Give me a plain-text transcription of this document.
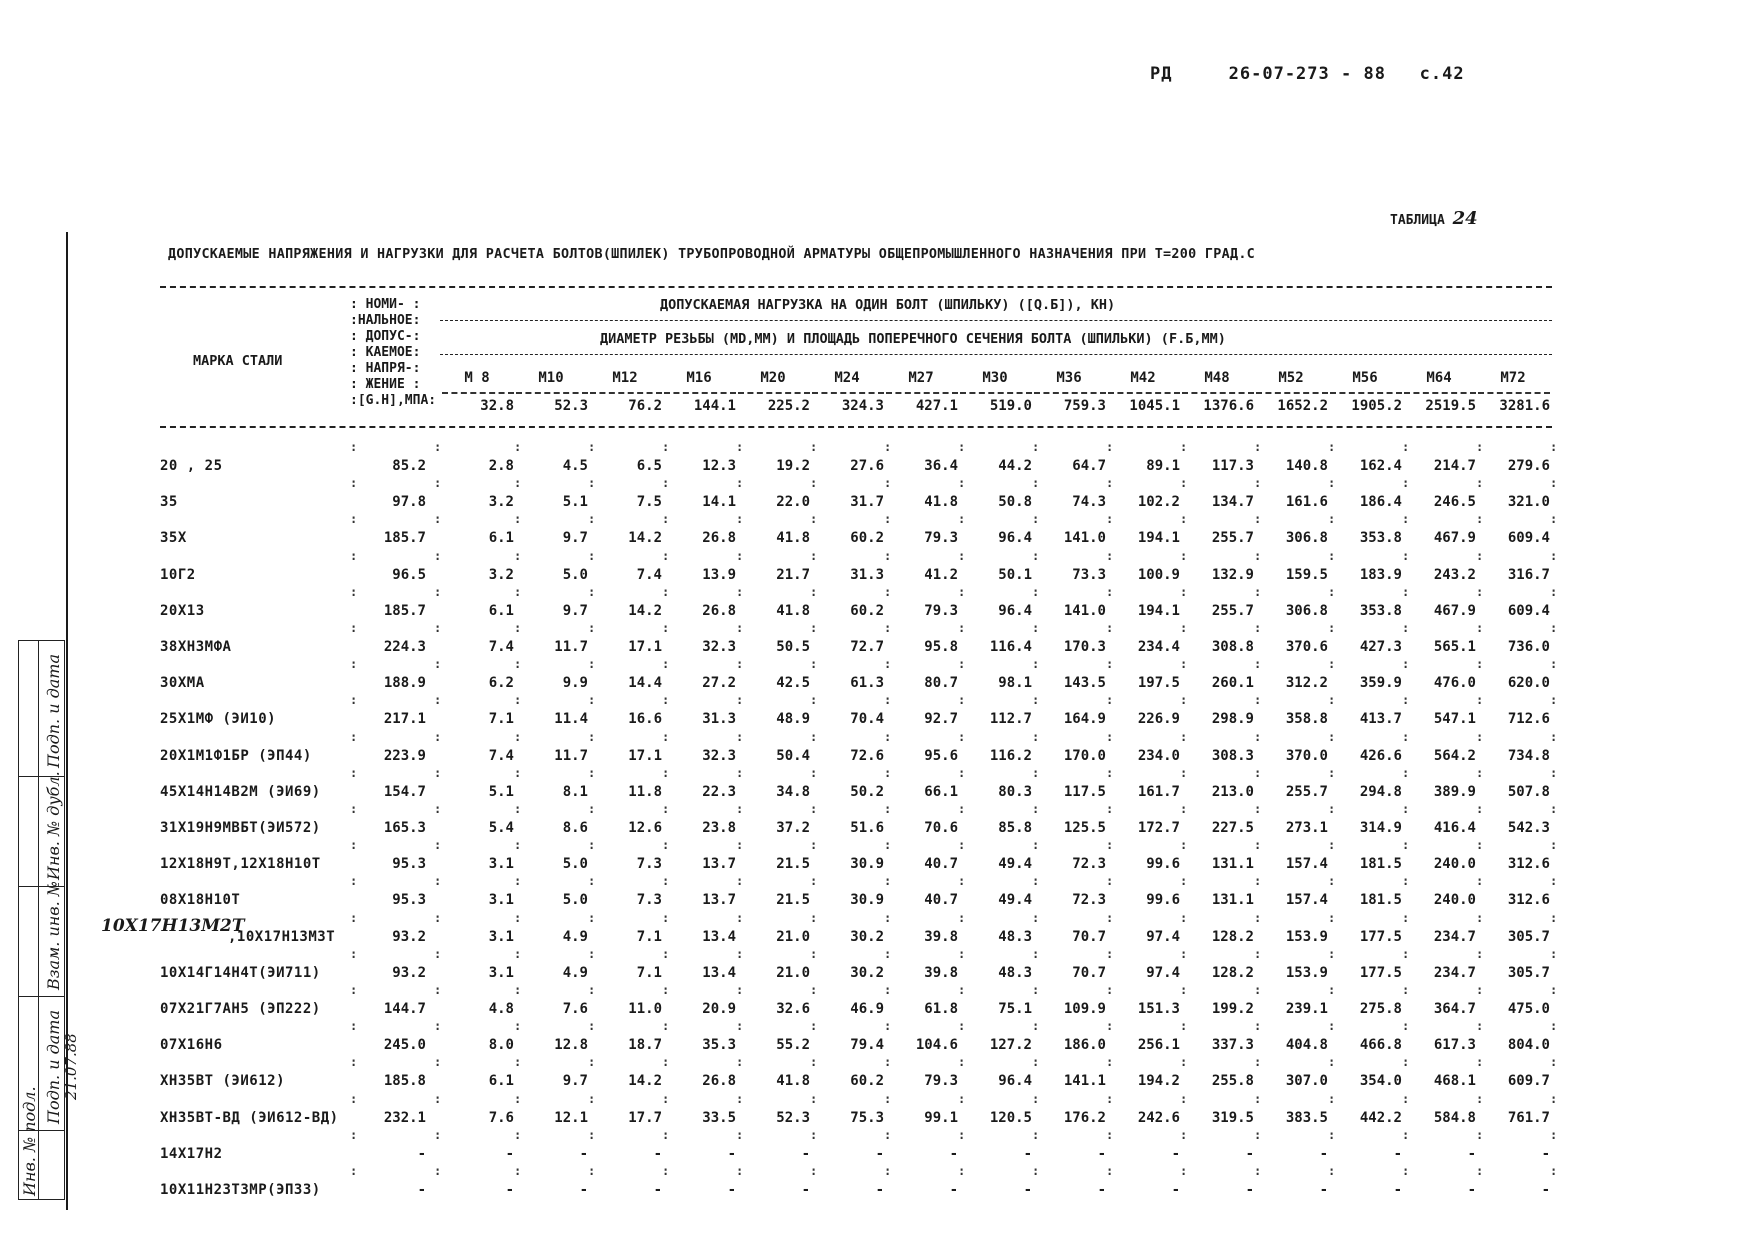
РД     26-07-273 - 88   с.42
ТАБЛИЦА 24
ДОПУСКАЕМЫЕ НАПРЯЖЕНИЯ И НАГРУЗКИ ДЛЯ РАСЧЕТА БОЛТОВ(ШПИЛЕК) ТРУБОПРОВОДНОЙ АРМАТУРЫ ОБЩЕПРОМЫШЛЕННОГО НАЗНАЧЕНИЯ ПРИ Т=200 ГРАД.С
МАРКА СТАЛИ
: НОМИ- :
:НАЛЬНОЕ:
: ДОПУС-:
: КАЕМОЕ:
: НАПРЯ-:
: ЖЕНИЕ :
:[G.H],МПА:
ДОПУСКАЕМАЯ НАГРУЗКА НА ОДИН БОЛТ (ШПИЛЬКУ) ([Q.Б]), КН)
ДИАМЕТР РЕЗЬБЫ (МD,ММ) И ПЛОЩАДЬ ПОПЕРЕЧНОГО СЕЧЕНИЯ БОЛТА (ШПИЛЬКИ) (F.Б,ММ)
М 8	М10	М12	М16	М20	М24	М27	М30	М36	М42	М48	М52	М56	М64	М72
32.8	52.3	76.2	144.1	225.2	324.3	427.1	519.0	759.3	1045.1	1376.6	1652.2	1905.2	2519.5	3281.6
:	:	:	:	:	:	:	:	:	:	:	:	:	:	:	:	:
20 , 25	85.2	2.8	4.5	6.5	12.3	19.2	27.6	36.4	44.2	64.7	89.1	117.3	140.8	162.4	214.7	279.6
:	:	:	:	:	:	:	:	:	:	:	:	:	:	:	:	:
35	97.8	3.2	5.1	7.5	14.1	22.0	31.7	41.8	50.8	74.3	102.2	134.7	161.6	186.4	246.5	321.0
:	:	:	:	:	:	:	:	:	:	:	:	:	:	:	:	:
35Х	185.7	6.1	9.7	14.2	26.8	41.8	60.2	79.3	96.4	141.0	194.1	255.7	306.8	353.8	467.9	609.4
:	:	:	:	:	:	:	:	:	:	:	:	:	:	:	:	:
10Г2	96.5	3.2	5.0	7.4	13.9	21.7	31.3	41.2	50.1	73.3	100.9	132.9	159.5	183.9	243.2	316.7
:	:	:	:	:	:	:	:	:	:	:	:	:	:	:	:	:
20Х13	185.7	6.1	9.7	14.2	26.8	41.8	60.2	79.3	96.4	141.0	194.1	255.7	306.8	353.8	467.9	609.4
:	:	:	:	:	:	:	:	:	:	:	:	:	:	:	:	:
38ХН3МФА	224.3	7.4	11.7	17.1	32.3	50.5	72.7	95.8	116.4	170.3	234.4	308.8	370.6	427.3	565.1	736.0
:	:	:	:	:	:	:	:	:	:	:	:	:	:	:	:	:
30ХМА	188.9	6.2	9.9	14.4	27.2	42.5	61.3	80.7	98.1	143.5	197.5	260.1	312.2	359.9	476.0	620.0
:	:	:	:	:	:	:	:	:	:	:	:	:	:	:	:	:
25Х1МФ (ЭИ10)	217.1	7.1	11.4	16.6	31.3	48.9	70.4	92.7	112.7	164.9	226.9	298.9	358.8	413.7	547.1	712.6
:	:	:	:	:	:	:	:	:	:	:	:	:	:	:	:	:
20Х1М1Ф1БР (ЭП44)	223.9	7.4	11.7	17.1	32.3	50.4	72.6	95.6	116.2	170.0	234.0	308.3	370.0	426.6	564.2	734.8
:	:	:	:	:	:	:	:	:	:	:	:	:	:	:	:	:
45Х14Н14В2М (ЭИ69)	154.7	5.1	8.1	11.8	22.3	34.8	50.2	66.1	80.3	117.5	161.7	213.0	255.7	294.8	389.9	507.8
:	:	:	:	:	:	:	:	:	:	:	:	:	:	:	:	:
31Х19Н9МВБТ(ЭИ572)	165.3	5.4	8.6	12.6	23.8	37.2	51.6	70.6	85.8	125.5	172.7	227.5	273.1	314.9	416.4	542.3
:	:	:	:	:	:	:	:	:	:	:	:	:	:	:	:	:
12Х18Н9Т,12Х18Н10Т	95.3	3.1	5.0	7.3	13.7	21.5	30.9	40.7	49.4	72.3	99.6	131.1	157.4	181.5	240.0	312.6
:	:	:	:	:	:	:	:	:	:	:	:	:	:	:	:	:
08Х18Н10Т	95.3	3.1	5.0	7.3	13.7	21.5	30.9	40.7	49.4	72.3	99.6	131.1	157.4	181.5	240.0	312.6
:	:	:	:	:	:	:	:	:	:	:	:	:	:	:	:	:
,10Х17Н13М3Т	93.2	3.1	4.9	7.1	13.4	21.0	30.2	39.8	48.3	70.7	97.4	128.2	153.9	177.5	234.7	305.7
:	:	:	:	:	:	:	:	:	:	:	:	:	:	:	:	:
10Х14Г14Н4Т(ЭИ711)	93.2	3.1	4.9	7.1	13.4	21.0	30.2	39.8	48.3	70.7	97.4	128.2	153.9	177.5	234.7	305.7
:	:	:	:	:	:	:	:	:	:	:	:	:	:	:	:	:
07Х21Г7АН5 (ЭП222)	144.7	4.8	7.6	11.0	20.9	32.6	46.9	61.8	75.1	109.9	151.3	199.2	239.1	275.8	364.7	475.0
:	:	:	:	:	:	:	:	:	:	:	:	:	:	:	:	:
07Х16Н6	245.0	8.0	12.8	18.7	35.3	55.2	79.4	104.6	127.2	186.0	256.1	337.3	404.8	466.8	617.3	804.0
:	:	:	:	:	:	:	:	:	:	:	:	:	:	:	:	:
ХН35ВТ (ЭИ612)	185.8	6.1	9.7	14.2	26.8	41.8	60.2	79.3	96.4	141.1	194.2	255.8	307.0	354.0	468.1	609.7
:	:	:	:	:	:	:	:	:	:	:	:	:	:	:	:	:
ХН35ВТ-ВД (ЭИ612-ВД)	232.1	7.6	12.1	17.7	33.5	52.3	75.3	99.1	120.5	176.2	242.6	319.5	383.5	442.2	584.8	761.7
:	:	:	:	:	:	:	:	:	:	:	:	:	:	:	:	:
14Х17Н2	-	-	-	-	-	-	-	-	-	-	-	-	-	-	-	-
:	:	:	:	:	:	:	:	:	:	:	:	:	:	:	:	:
10Х11Н23Т3МР(ЭП33)	-	-	-	-	-	-	-	-	-	-	-	-	-	-	-	-
10Х17Н13М2Т
Подп. и дата
Инв. № дубл.
Взам. инв. №
Подп. и дата
Инв. № подл.
21.07.88
